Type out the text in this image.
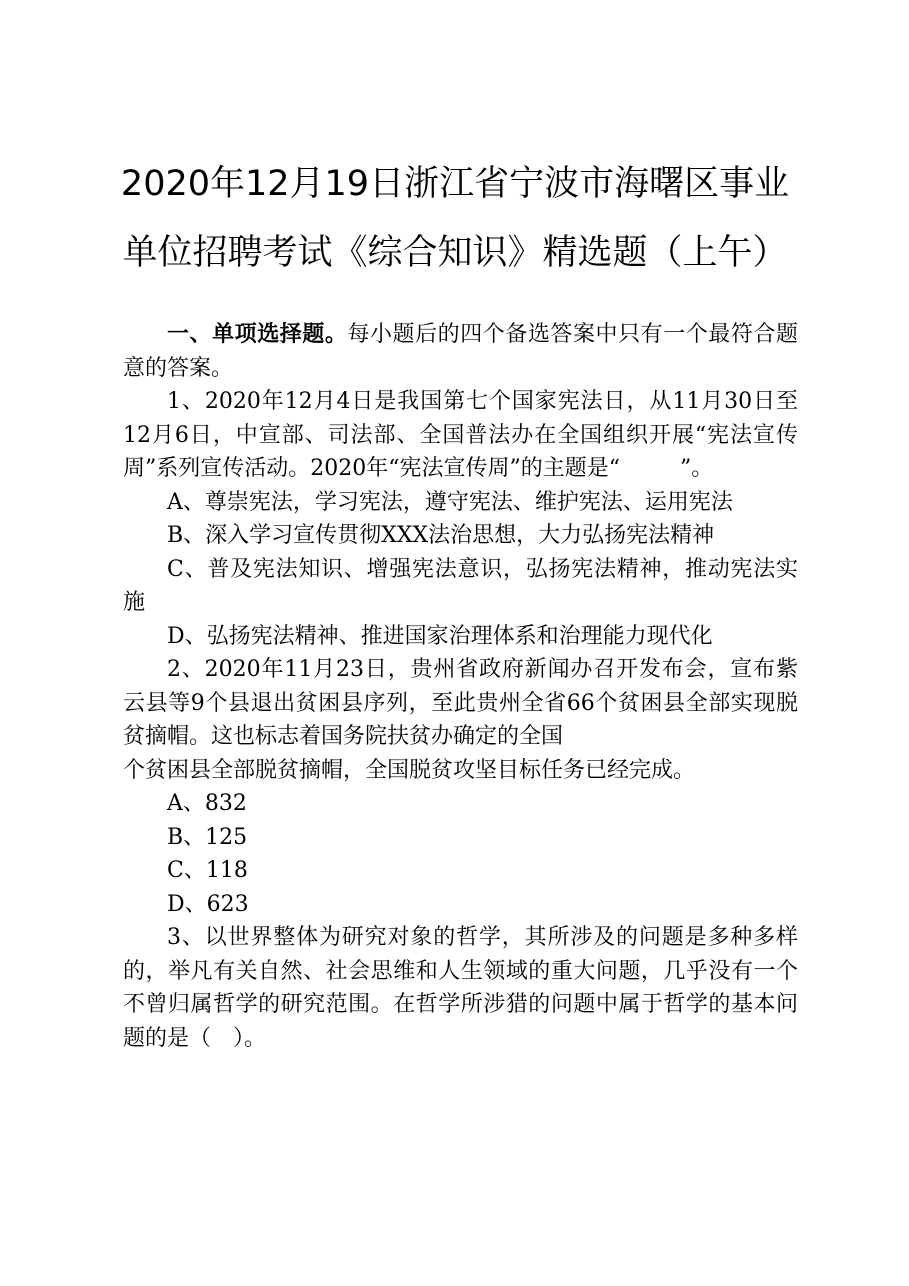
2020年12月19日浙江省宁波市海曙区事业
单位招聘考试《综合知识》精选题（上午）

一、单项选择题。每小题后的四个备选答案中只有一个最符合题意的答案。

1、2020年12月4日是我国第七个国家宪法日，从11月30日至12月6日，中宣部、司法部、全国普法办在全国组织开展“宪法宣传周”系列宣传活动。2020年“宪法宣传周”的主题是“	”。

A、尊崇宪法，学习宪法，遵守宪法、维护宪法、运用宪法

B、深入学习宣传贯彻XXX法治思想，大力弘扬宪法精神

C、普及宪法知识、增强宪法意识，弘扬宪法精神，推动宪法实施

D、弘扬宪法精神、推进国家治理体系和治理能力现代化

2、2020年11月23日，贵州省政府新闻办召开发布会，宣布紫云县等9个县退出贫困县序列，至此贵州全省66个贫困县全部实现脱贫摘帽。这也标志着国务院扶贫办确定的全国

个贫困县全部脱贫摘帽，全国脱贫攻坚目标任务已经完成。

A、832

B、125

C、118

D、623

3、以世界整体为研究对象的哲学，其所涉及的问题是多种多样的，举凡有关自然、社会思维和人生领域的重大问题，几乎没有一个不曾归属哲学的研究范围。在哲学所涉猎的问题中属于哲学的基本问题的是（ ）。
